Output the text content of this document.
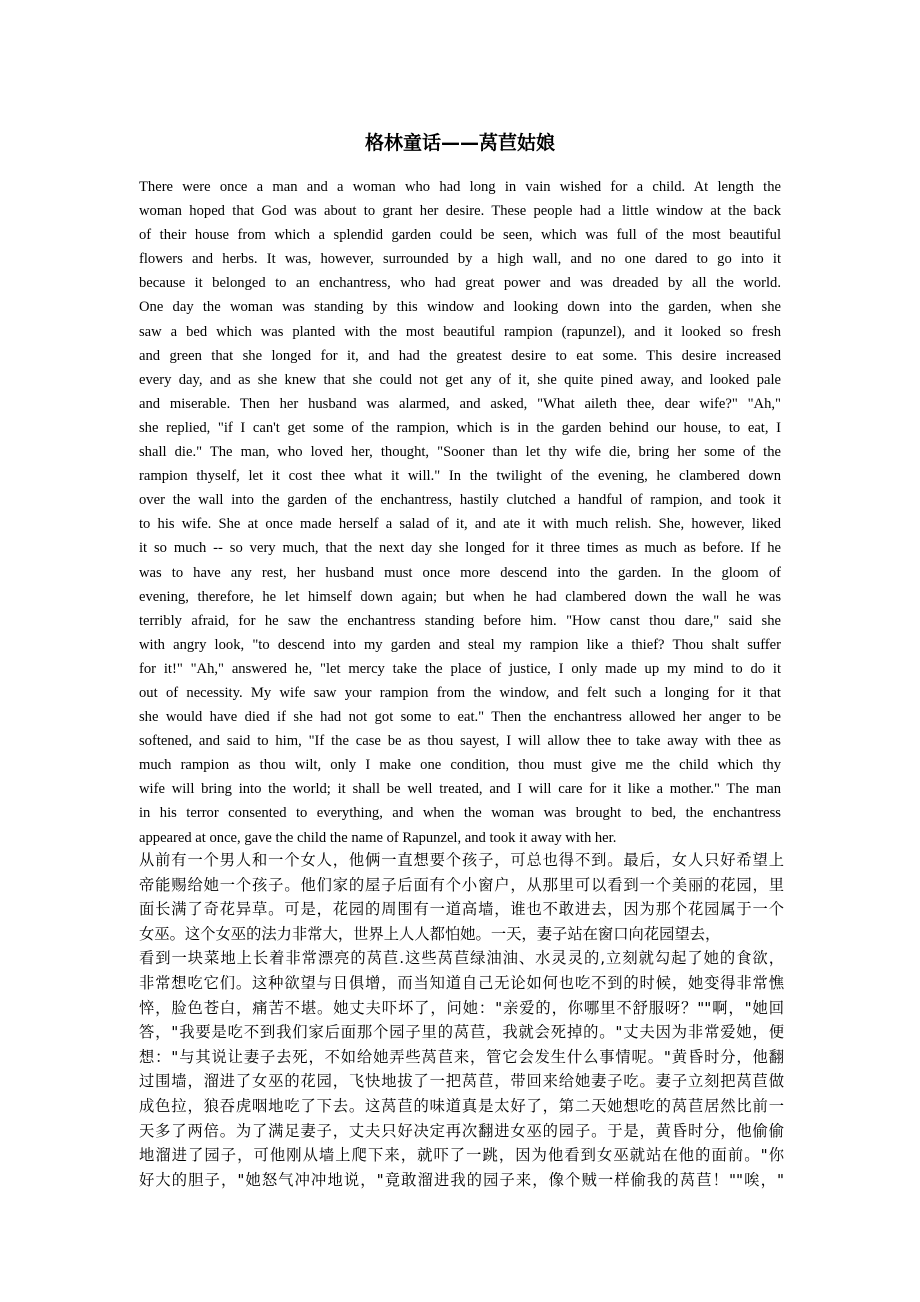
格林童话——莴苣姑娘
There were once a man and a woman who had long in vain wished for a child. At length the
woman hoped that God was about to grant her desire. These people had a little window at the back
of their house from which a splendid garden could be seen, which was full of the most beautiful
flowers and herbs. It was, however, surrounded by a high wall, and no one dared to go into it
because it belonged to an enchantress, who had great power and was dreaded by all the world.
One day the woman was standing by this window and looking down into the garden, when she
saw a bed which was planted with the most beautiful rampion (rapunzel), and it looked so fresh
and green that she longed for it, and had the greatest desire to eat some. This desire increased
every day, and as she knew that she could not get any of it, she quite pined away, and looked pale
and miserable. Then her husband was alarmed, and asked, "What aileth thee, dear wife?" "Ah,"
she replied, "if I can't get some of the rampion, which is in the garden behind our house, to eat, I
shall die." The man, who loved her, thought, "Sooner than let thy wife die, bring her some of the
rampion thyself, let it cost thee what it will." In the twilight of the evening, he clambered down
over the wall into the garden of the enchantress, hastily clutched a handful of rampion, and took it
to his wife. She at once made herself a salad of it, and ate it with much relish. She, however, liked
it so much -- so very much, that the next day she longed for it three times as much as before. If he
was to have any rest, her husband must once more descend into the garden. In the gloom of
evening, therefore, he let himself down again; but when he had clambered down the wall he was
terribly afraid, for he saw the enchantress standing before him. "How canst thou dare," said she
with angry look, "to descend into my garden and steal my rampion like a thief? Thou shalt suffer
for it!" "Ah," answered he, "let mercy take the place of justice, I only made up my mind to do it
out of necessity. My wife saw your rampion from the window, and felt such a longing for it that
she would have died if she had not got some to eat." Then the enchantress allowed her anger to be
softened, and said to him, "If the case be as thou sayest, I will allow thee to take away with thee as
much rampion as thou wilt, only I make one condition, thou must give me the child which thy
wife will bring into the world; it shall be well treated, and I will care for it like a mother." The man
in his terror consented to everything, and when the woman was brought to bed, the enchantress
appeared at once, gave the child the name of Rapunzel, and took it away with her.
从前有一个男人和一个女人，他俩一直想要个孩子，可总也得不到。最后，女人只好希望上
帝能赐给她一个孩子。他们家的屋子后面有个小窗户，从那里可以看到一个美丽的花园，里
面长满了奇花异草。可是，花园的周围有一道高墙，谁也不敢进去，因为那个花园属于一个
女巫。这个女巫的法力非常大，世界上人人都怕她。一天，妻子站在窗口向花园望去，
看到一块菜地上长着非常漂亮的莴苣.这些莴苣绿油油、水灵灵的,立刻就勾起了她的食欲，
非常想吃它们。这种欲望与日俱增，而当知道自己无论如何也吃不到的时候，她变得非常憔
悴，脸色苍白，痛苦不堪。她丈夫吓坏了，问她："亲爱的，你哪里不舒服呀？""啊，"她回
答，"我要是吃不到我们家后面那个园子里的莴苣，我就会死掉的。"丈夫因为非常爱她，便
想："与其说让妻子去死，不如给她弄些莴苣来，管它会发生什么事情呢。"黄昏时分，他翻
过围墙，溜进了女巫的花园，飞快地拔了一把莴苣，带回来给她妻子吃。妻子立刻把莴苣做
成色拉，狼吞虎咽地吃了下去。这莴苣的味道真是太好了，第二天她想吃的莴苣居然比前一
天多了两倍。为了满足妻子，丈夫只好决定再次翻进女巫的园子。于是，黄昏时分，他偷偷
地溜进了园子，可他刚从墙上爬下来，就吓了一跳，因为他看到女巫就站在他的面前。"你
好大的胆子，"她怒气冲冲地说，"竟敢溜进我的园子来，像个贼一样偷我的莴苣！""唉，"
